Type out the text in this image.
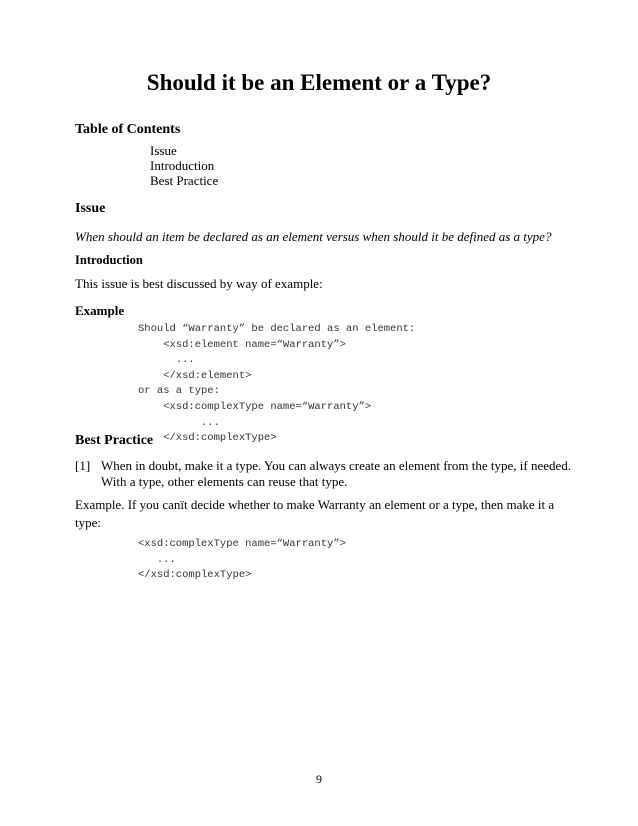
Should it be an Element or a Type?
Table of Contents
Issue
Introduction
Best Practice
Issue
When should an item be declared as an element versus when should it be defined as a type?
Introduction
This issue is best discussed by way of example:
Example
Should “Warranty” be declared as an element:
<xsd:element name=“Warranty”>
...
</xsd:element>
or as a type:
<xsd:complexType name=“Warranty”>
...
</xsd:complexType>
Best Practice
[1] When in doubt, make it a type. You can always create an element from the type, if needed.
With a type, other elements can reuse that type.
Example. If you canït decide whether to make Warranty an element or a type, then make it a
type:
<xsd:complexType name=“Warranty”>
...
</xsd:complexType>
9
